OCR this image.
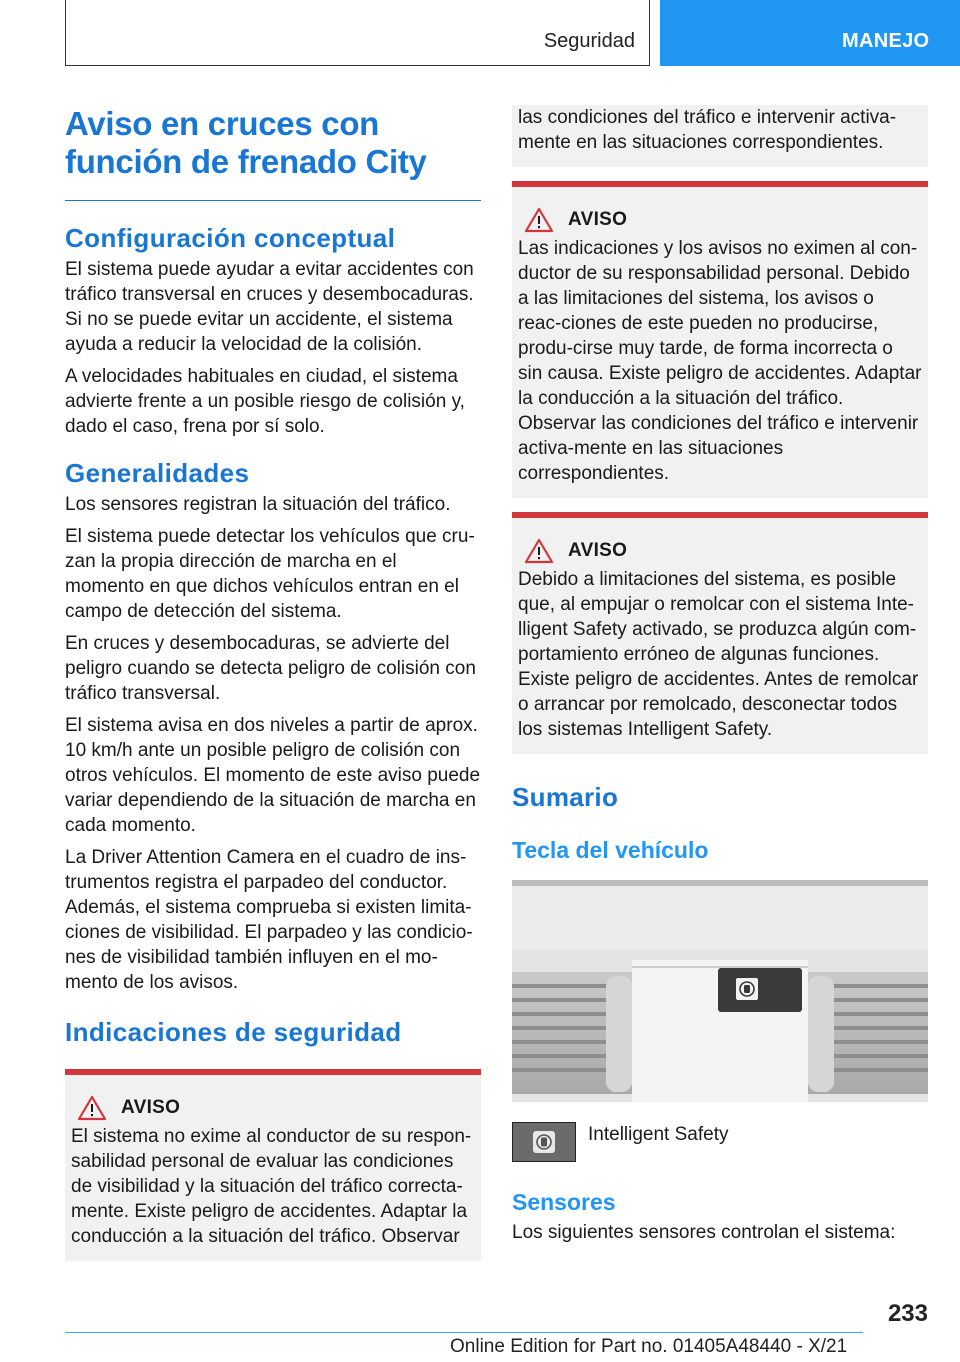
Seguridad	MANEJO
Aviso en cruces con
función de frenado City
Configuración conceptual

El sistema puede ayudar a evitar accidentes con tráfico transversal en cruces y desembocaduras. Si no se puede evitar un accidente, el sistema ayuda a reducir la velocidad de la colisión.

A velocidades habituales en ciudad, el sistema advierte frente a un posible riesgo de colisión y, dado el caso, frena por sí solo.

Generalidades

Los sensores registran la situación del tráfico.

El sistema puede detectar los vehículos que cru-zan la propia dirección de marcha en el momento en que dichos vehículos entran en el campo de detección del sistema.

En cruces y desembocaduras, se advierte del peligro cuando se detecta peligro de colisión con tráfico transversal.

El sistema avisa en dos niveles a partir de aprox. 10 km/h ante un posible peligro de colisión con otros vehículos. El momento de este aviso puede variar dependiendo de la situación de marcha en cada momento.

La Driver Attention Camera en el cuadro de ins-trumentos registra el parpadeo del conductor. Además, el sistema comprueba si existen limita-ciones de visibilidad. El parpadeo y las condicio-nes de visibilidad también influyen en el mo-mento de los avisos.

Indicaciones de seguridad
AVISO

El sistema no exime al conductor de su respon-sabilidad personal de evaluar las condiciones de visibilidad y la situación del tráfico correcta-mente. Existe peligro de accidentes. Adaptar la conducción a la situación del tráfico. Observar

las condiciones del tráfico e intervenir activa-mente en las situaciones correspondientes.

AVISO

Las indicaciones y los avisos no eximen al con-ductor de su responsabilidad personal. Debido a las limitaciones del sistema, los avisos o reac-ciones de este pueden no producirse, produ-cirse muy tarde, de forma incorrecta o sin causa. Existe peligro de accidentes. Adaptar la conducción a la situación del tráfico. Observar las condiciones del tráfico e intervenir activa-mente en las situaciones correspondientes.

AVISO

Debido a limitaciones del sistema, es posible que, al empujar o remolcar con el sistema Inte-lligent Safety activado, se produzca algún com-portamiento erróneo de algunas funciones. Existe peligro de accidentes. Antes de remolcar o arrancar por remolcado, desconectar todos los sistemas Intelligent Safety.

Sumario
Tecla del vehículo
Intelligent Safety
Sensores

Los siguientes sensores controlan el sistema:

233
Online Edition for Part no. 01405A48440 - X/21
